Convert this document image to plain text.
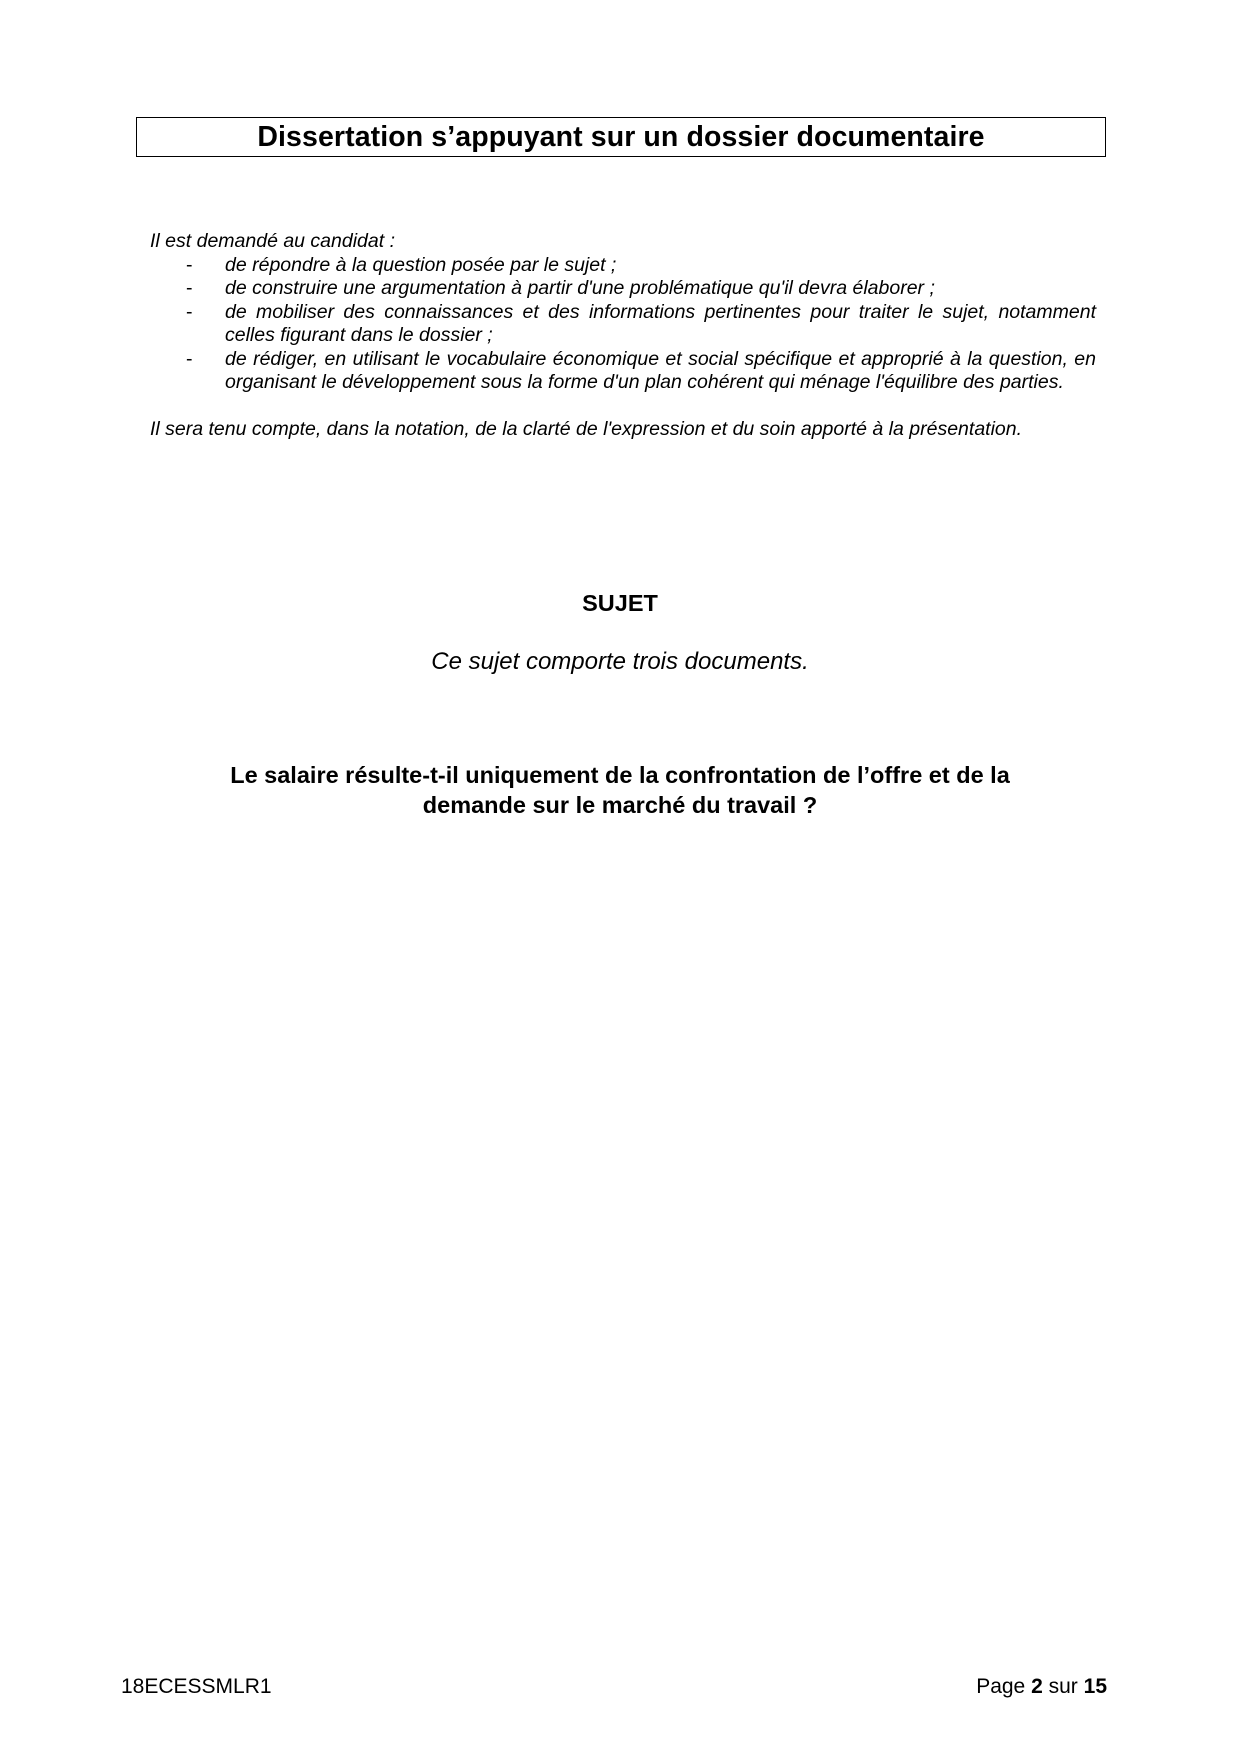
Dissertation s’appuyant sur un dossier documentaire

Il est demandé au candidat :

-	de répondre à la question posée par le sujet ;
-	de construire une argumentation à partir d'une problématique qu'il devra élaborer ;
-	de mobiliser des connaissances et des informations pertinentes pour traiter le sujet, notamment celles figurant dans le dossier ;
-	de rédiger, en utilisant le vocabulaire économique et social spécifique et approprié à la question, en organisant le développement sous la forme d'un plan cohérent qui ménage l'équilibre des parties.

Il sera tenu compte, dans la notation, de la clarté de l'expression et du soin apporté à la présentation.

SUJET
Ce sujet comporte trois documents.
Le salaire résulte-t-il uniquement de la confrontation de l’offre et de la
demande sur le marché du travail ?
18ECESSMLR1	Page 2 sur 15
